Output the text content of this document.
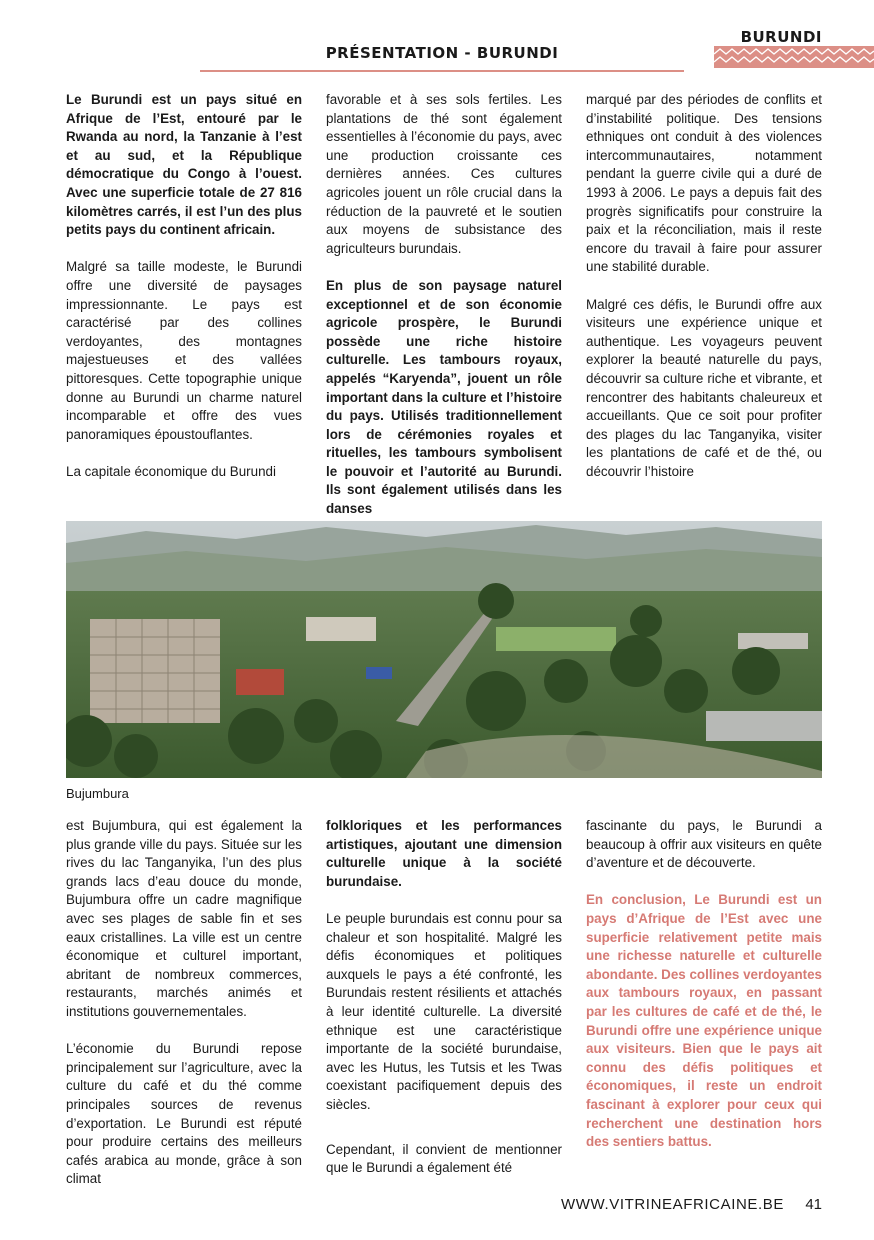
PRÉSENTATION - BURUNDI
BURUNDI

Le Burundi est un pays situé en Afrique de l’Est, entouré par le Rwanda au nord, la Tanzanie à l’est et au sud, et la République démocratique du Congo à l’ouest. Avec une superficie totale de 27 816 kilomètres carrés, il est l’un des plus petits pays du continent africain.

Malgré sa taille modeste, le Burundi offre une diversité de paysages impressionnante. Le pays est caractérisé par des collines verdoyantes, des montagnes majestueuses et des vallées pittoresques. Cette topographie unique donne au Burundi un charme naturel incomparable et offre des vues panoramiques époustouflantes.

La capitale économique du Burundi

favorable et à ses sols fertiles. Les plantations de thé sont également essentielles à l’économie du pays, avec une production croissante ces dernières années. Ces cultures agricoles jouent un rôle crucial dans la réduction de la pauvreté et le soutien aux moyens de subsistance des agriculteurs burundais.

En plus de son paysage naturel exceptionnel et de son économie agricole prospère, le Burundi possède une riche histoire culturelle. Les tambours royaux, appelés “Karyenda”, jouent un rôle important dans la culture et l’histoire du pays. Utilisés traditionnellement lors de cérémonies royales et rituelles, les tambours symbolisent le pouvoir et l’autorité au Burundi. Ils sont également utilisés dans les danses

marqué par des périodes de conflits et d’instabilité politique. Des tensions ethniques ont conduit à des violences intercommunautaires, notamment pendant la guerre civile qui a duré de 1993 à 2006. Le pays a depuis fait des progrès significatifs pour construire la paix et la réconciliation, mais il reste encore du travail à faire pour assurer une stabilité durable.

Malgré ces défis, le Burundi offre aux visiteurs une expérience unique et authentique. Les voyageurs peuvent explorer la beauté naturelle du pays, découvrir sa culture riche et vibrante, et rencontrer des habitants chaleureux et accueillants. Que ce soit pour profiter des plages du lac Tanganyika, visiter les plantations de café et de thé, ou découvrir l’histoire

Bujumbura

est Bujumbura, qui est également la plus grande ville du pays. Située sur les rives du lac Tanganyika, l’un des plus grands lacs d’eau douce du monde, Bujumbura offre un cadre magnifique avec ses plages de sable fin et ses eaux cristallines. La ville est un centre économique et culturel important, abritant de nombreux commerces, restaurants, marchés animés et institutions gouvernementales.

L’économie du Burundi repose principalement sur l’agriculture, avec la culture du café et du thé comme principales sources de revenus d’exportation. Le Burundi est réputé pour produire certains des meilleurs cafés arabica au monde, grâce à son climat

folkloriques et les performances artistiques, ajoutant une dimension culturelle unique à la société burundaise.

Le peuple burundais est connu pour sa chaleur et son hospitalité. Malgré les défis économiques et politiques auxquels le pays a été confronté, les Burundais restent résilients et attachés à leur identité culturelle. La diversité ethnique est une caractéristique importante de la société burundaise, avec les Hutus, les Tutsis et les Twas coexistant pacifiquement depuis des siècles.

Cependant, il convient de mentionner que le Burundi a également été

fascinante du pays, le Burundi a beaucoup à offrir aux visiteurs en quête d’aventure et de découverte.

En conclusion, Le Burundi est un pays d’Afrique de l’Est avec une superficie relativement petite mais une richesse naturelle et culturelle abondante. Des collines verdoyantes aux tambours royaux, en passant par les cultures de café et de thé, le Burundi offre une expérience unique aux visiteurs. Bien que le pays ait connu des défis politiques et économiques, il reste un endroit fascinant à explorer pour ceux qui recherchent une destination hors des sentiers battus.

WWW.VITRINEAFRICAINE.BE 41
